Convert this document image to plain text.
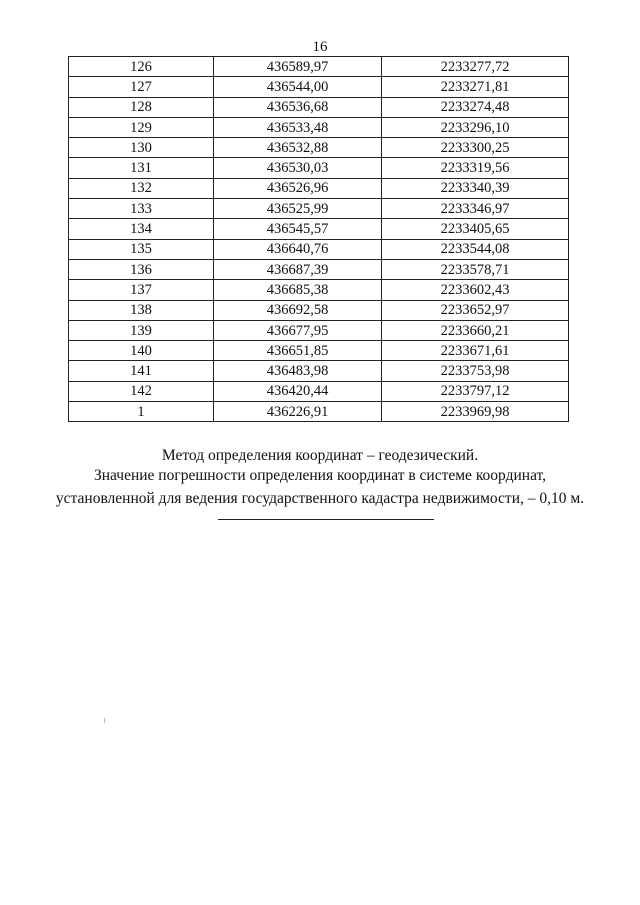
16
126	436589,97	2233277,72
127	436544,00	2233271,81
128	436536,68	2233274,48
129	436533,48	2233296,10
130	436532,88	2233300,25
131	436530,03	2233319,56
132	436526,96	2233340,39
133	436525,99	2233346,97
134	436545,57	2233405,65
135	436640,76	2233544,08
136	436687,39	2233578,71
137	436685,38	2233602,43
138	436692,58	2233652,97
139	436677,95	2233660,21
140	436651,85	2233671,61
141	436483,98	2233753,98
142	436420,44	2233797,12
1	436226,91	2233969,98
Метод определения координат – геодезический.
Значение погрешности определения координат в системе координат,
установленной для ведения государственного кадастра недвижимости, – 0,10 м.
